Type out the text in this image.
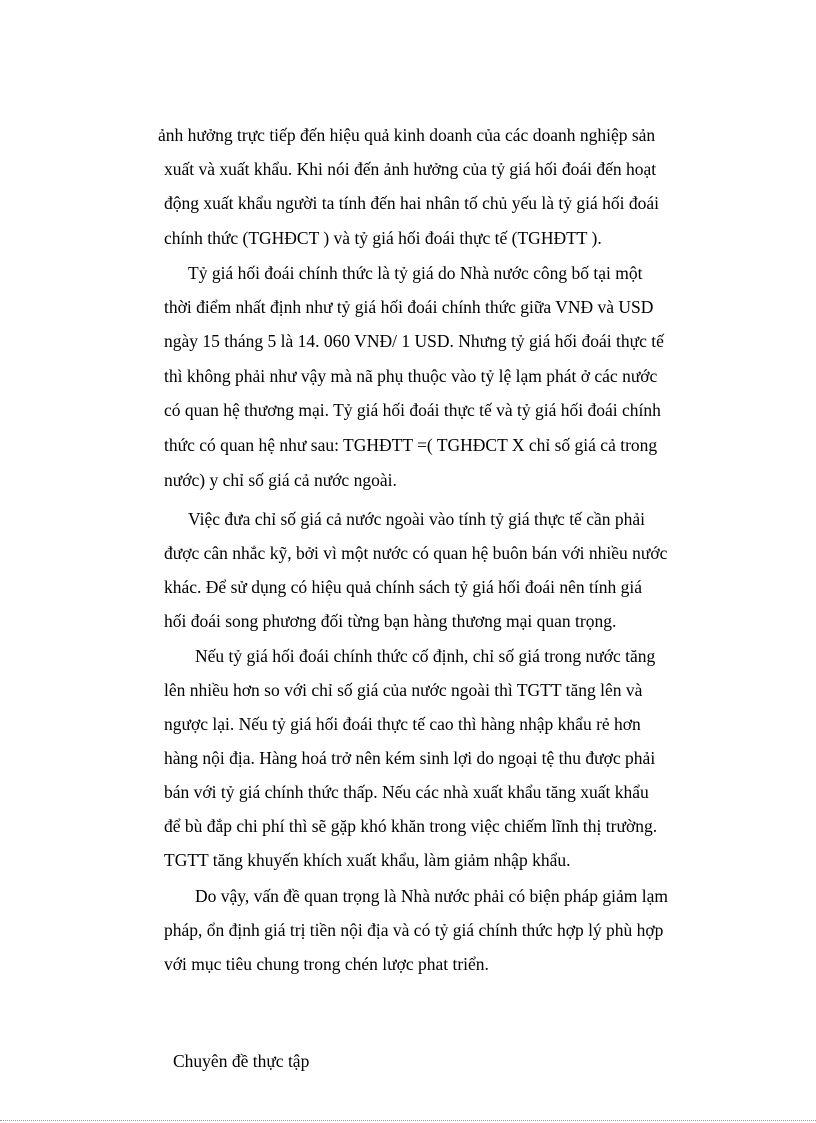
ảnh hưởng trực tiếp đến hiệu quả kinh doanh của các doanh nghiệp sản
xuất và xuất khẩu. Khi nói đến ảnh hưởng của tỷ giá hối đoái đến hoạt
động xuất khẩu người ta tính đến hai nhân tố chủ yếu là tỷ giá hối đoái
chính thức (TGHĐCT ) và tỷ giá hối đoái thực tế (TGHĐTT ).
Tỷ giá hối đoái chính thức là tỷ giá do Nhà nước công bố tại một
thời điểm nhất định như tỷ giá hối đoái chính thức giữa VNĐ và USD
ngày 15 tháng 5 là 14. 060 VNĐ/ 1 USD. Nhưng tỷ giá hối đoái thực tế
thì không phải như vậy mà nã phụ thuộc vào tỷ lệ lạm phát ở các nước
có quan hệ thương mại. Tỷ giá hối đoái thực tế và tỷ giá hối đoái chính
thức có quan hệ như sau: TGHĐTT =( TGHĐCT X chỉ số giá cả trong
nước) y chỉ số giá cả nước ngoài.
Việc đưa chỉ số giá cả nước ngoài vào tính tỷ giá thực tế cần phải
được cân nhắc kỹ, bởi vì một nước có quan hệ buôn bán với nhiều nước
khác. Để sử dụng có hiệu quả chính sách tỷ giá hối đoái nên tính giá
hối đoái song phương đối từng bạn hàng thương mại quan trọng.
Nếu tỷ giá hối đoái chính thức cố định, chỉ số giá trong nước tăng
lên nhiều hơn so với chỉ số giá của nước ngoài thì TGTT tăng lên và
ngược lại. Nếu tỷ giá hối đoái thực tế cao thì hàng nhập khẩu rẻ hơn
hàng nội địa. Hàng hoá trở nên kém sinh lợi do ngoại tệ thu được phải
bán với tỷ giá chính thức thấp. Nếu các nhà xuất khẩu tăng xuất khẩu
để bù đắp chi phí thì sẽ gặp khó khăn trong việc chiếm lĩnh thị trường.
TGTT tăng khuyến khích xuất khẩu, làm giảm nhập khẩu.
Do vậy, vấn đề quan trọng là Nhà nước phải có biện pháp giảm lạm
pháp, ổn định giá trị tiền nội địa và có tỷ giá chính thức hợp lý phù hợp
với mục tiêu chung trong chén lược phat triển.
Chuyên đề thực tập
